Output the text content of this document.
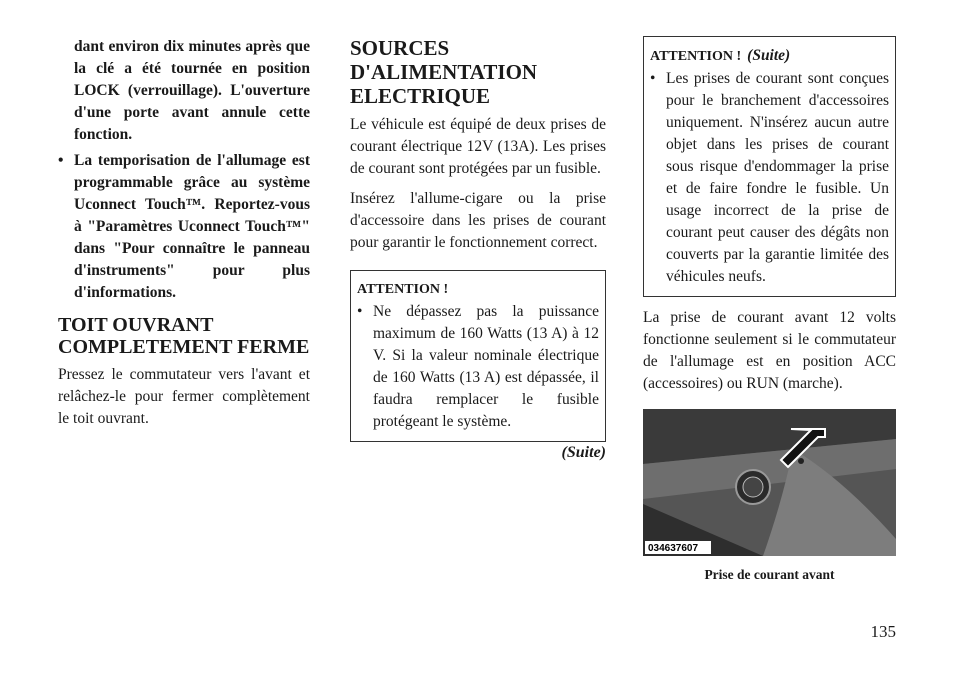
dant environ dix minutes après que la clé a été tournée en position LOCK (verrouillage). L'ouverture d'une porte avant annule cette fonction.

• La temporisation de l'allumage est programmable grâce au système Uconnect Touch™. Reportez-vous à "Paramètres Uconnect Touch™" dans "Pour connaître le panneau d'instruments" pour plus d'informations.
TOIT OUVRANT COMPLETEMENT FERME

Pressez le commutateur vers l'avant et relâchez-le pour fermer complètement le toit ouvrant.

SOURCES D'ALIMENTATION ELECTRIQUE

Le véhicule est équipé de deux prises de courant électrique 12V (13A). Les prises de courant sont protégées par un fusible.

Insérez l'allume-cigare ou la prise d'accessoire dans les prises de courant pour garantir le fonctionnement correct.

ATTENTION !
• Ne dépassez pas la puissance maximum de 160 Watts (13 A) à 12 V. Si la valeur nominale électrique de 160 Watts (13 A) est dépassée, il faudra remplacer le fusible protégeant le système.
(Suite)
ATTENTION ! (Suite)
• Les prises de courant sont conçues pour le branchement d'accessoires uniquement. N'insérez aucun autre objet dans les prises de courant sous risque d'endommager la prise et de faire fondre le fusible. Un usage incorrect de la prise de courant peut causer des dégâts non couverts par la garantie limitée des véhicules neufs.

La prise de courant avant 12 volts fonctionne seulement si le commutateur de l'allumage est en position ACC (accessoires) ou RUN (marche).

034637607
Prise de courant avant
135
